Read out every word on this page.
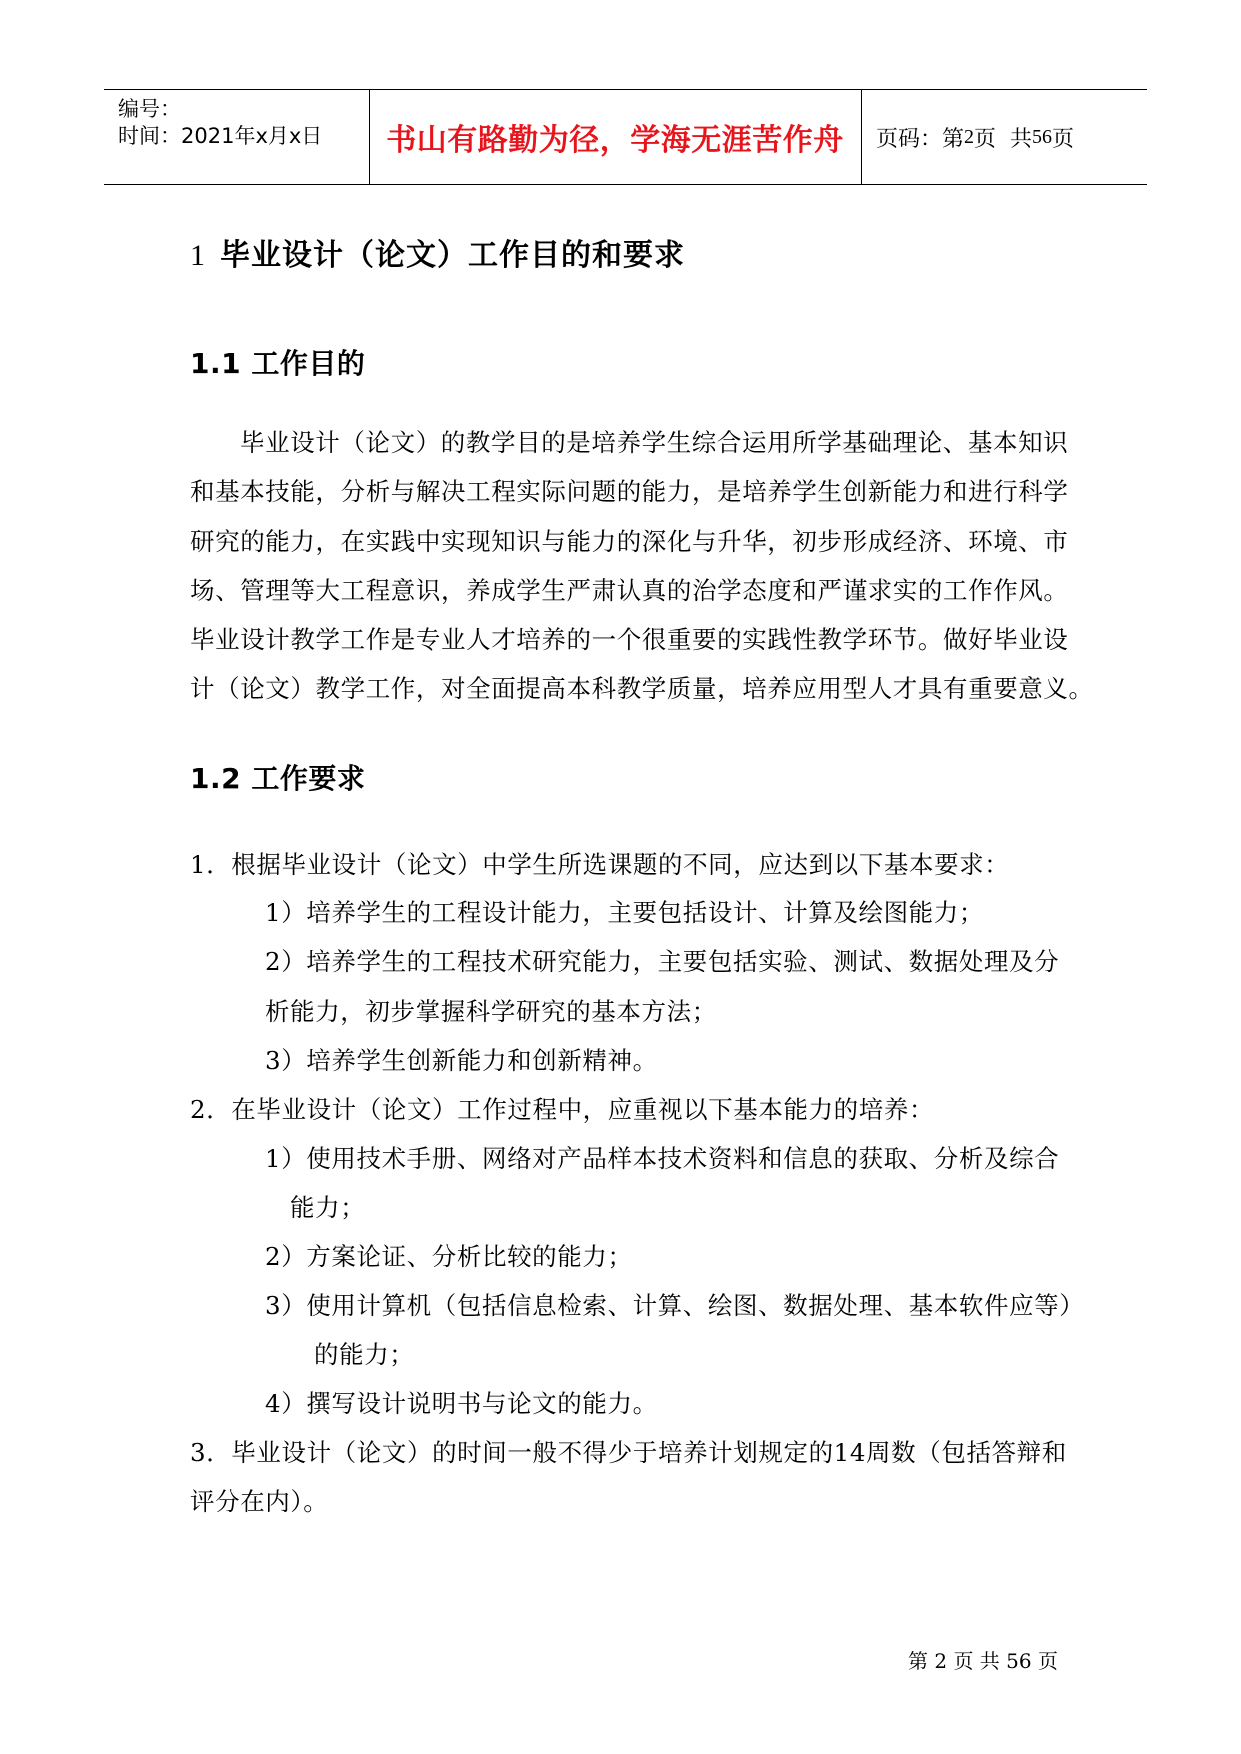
编号：
时间：2021年x月x日	书山有路勤为径，学海无涯苦作舟	页码：第 2 页  共 56 页
1 毕业设计（论文）工作目的和要求
1.1 工作目的
毕业设计（论文）的教学目的是培养学生综合运用所学基础理论、基本知识
和基本技能，分析与解决工程实际问题的能力，是培养学生创新能力和进行科学
研究的能力，在实践中实现知识与能力的深化与升华，初步形成经济、环境、市
场、管理等大工程意识，养成学生严肃认真的治学态度和严谨求实的工作作风。
毕业设计教学工作是专业人才培养的一个很重要的实践性教学环节。做好毕业设
计（论文）教学工作，对全面提高本科教学质量，培养应用型人才具有重要意义。
1.2 工作要求
1．根据毕业设计（论文）中学生所选课题的不同，应达到以下基本要求：
1）培养学生的工程设计能力，主要包括设计、计算及绘图能力；
2）培养学生的工程技术研究能力，主要包括实验、测试、数据处理及分
析能力，初步掌握科学研究的基本方法；
3）培养学生创新能力和创新精神。
2．在毕业设计（论文）工作过程中，应重视以下基本能力的培养：
1）使用技术手册、网络对产品样本技术资料和信息的获取、分析及综合
能力；
2）方案论证、分析比较的能力；
3）使用计算机（包括信息检索、计算、绘图、数据处理、基本软件应等）
的能力；
4）撰写设计说明书与论文的能力。
3．毕业设计（论文）的时间一般不得少于培养计划规定的14周数（包括答辩和
评分在内）。
第 2 页 共 56 页
